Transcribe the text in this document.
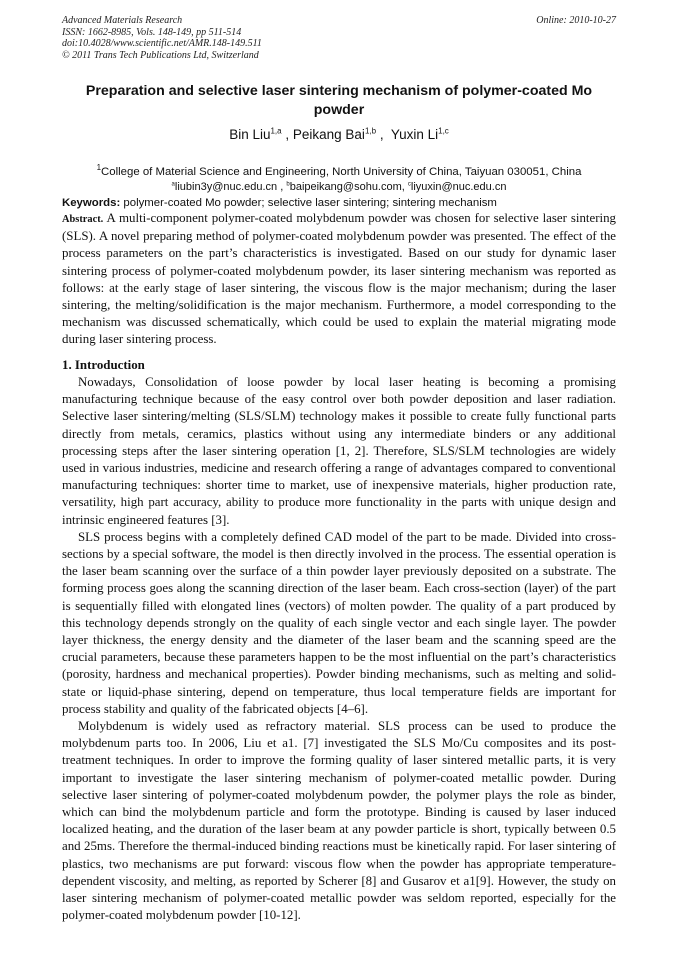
Advanced Materials Research
ISSN: 1662-8985, Vols. 148-149, pp 511-514
doi:10.4028/www.scientific.net/AMR.148-149.511
© 2011 Trans Tech Publications Ltd, Switzerland
Online: 2010-10-27
Preparation and selective laser sintering mechanism of polymer-coated Mo powder
Bin Liu$^{1,a}$ , Peikang Bai$^{1,b}$ ,  Yuxin Li$^{1,c}$
$^1$College of Material Science and Engineering, North University of China, Taiyuan 030051, China
$^a$liubin3y@nuc.edu.cn , $^b$baipeikang@sohu.com, $^c$liyuxin@nuc.edu.cn
Keywords: polymer-coated Mo powder; selective laser sintering; sintering mechanism
Abstract. A multi-component polymer-coated molybdenum powder was chosen for selective laser sintering (SLS). A novel preparing method of polymer-coated molybdenum powder was presented. The effect of the process parameters on the part’s characteristics is investigated. Based on our study for dynamic laser sintering process of polymer-coated molybdenum powder, its laser sintering mechanism was reported as follows: at the early stage of laser sintering, the viscous flow is the major mechanism; during the laser sintering, the melting/solidification is the major mechanism. Furthermore, a model corresponding to the mechanism was discussed schematically, which could be used to explain the material migrating mode during laser sintering process.
1. Introduction

Nowadays, Consolidation of loose powder by local laser heating is becoming a promising manufacturing technique because of the easy control over both powder deposition and laser radiation. Selective laser sintering/melting (SLS/SLM) technology makes it possible to create fully functional parts directly from metals, ceramics, plastics without using any intermediate binders or any additional processing steps after the laser sintering operation [1, 2]. Therefore, SLS/SLM technologies are widely used in various industries, medicine and research offering a range of advantages compared to conventional manufacturing techniques: shorter time to market, use of inexpensive materials, higher production rate, versatility, high part accuracy, ability to produce more functionality in the parts with unique design and intrinsic engineered features [3].

SLS process begins with a completely defined CAD model of the part to be made. Divided into cross-sections by a special software, the model is then directly involved in the process. The essential operation is the laser beam scanning over the surface of a thin powder layer previously deposited on a substrate. The forming process goes along the scanning direction of the laser beam. Each cross-section (layer) of the part is sequentially filled with elongated lines (vectors) of molten powder. The quality of a part produced by this technology depends strongly on the quality of each single vector and each single layer. The powder layer thickness, the energy density and the diameter of the laser beam and the scanning speed are the crucial parameters, because these parameters happen to be the most influential on the part’s characteristics (porosity, hardness and mechanical properties). Powder binding mechanisms, such as melting and solid-state or liquid-phase sintering, depend on temperature, thus local temperature fields are important for process stability and quality of the fabricated objects [4–6].

Molybdenum is widely used as refractory material. SLS process can be used to produce the molybdenum parts too. In 2006, Liu et a1. [7] investigated the SLS Mo/Cu composites and its post-treatment techniques. In order to improve the forming quality of laser sintered metallic parts, it is very important to investigate the laser sintering mechanism of polymer-coated metallic powder. During selective laser sintering of polymer-coated molybdenum powder, the polymer plays the role as binder, which can bind the molybdenum particle and form the prototype. Binding is caused by laser induced localized heating, and the duration of the laser beam at any powder particle is short, typically between 0.5 and 25ms. Therefore the thermal-induced binding reactions must be kinetically rapid. For laser sintering of plastics, two mechanisms are put forward: viscous flow when the powder has appropriate temperature-dependent viscosity, and melting, as reported by Scherer [8] and Gusarov et a1[9]. However, the study on laser sintering mechanism of polymer-coated metallic powder was seldom reported, especially for the polymer-coated molybdenum powder [10-12].
